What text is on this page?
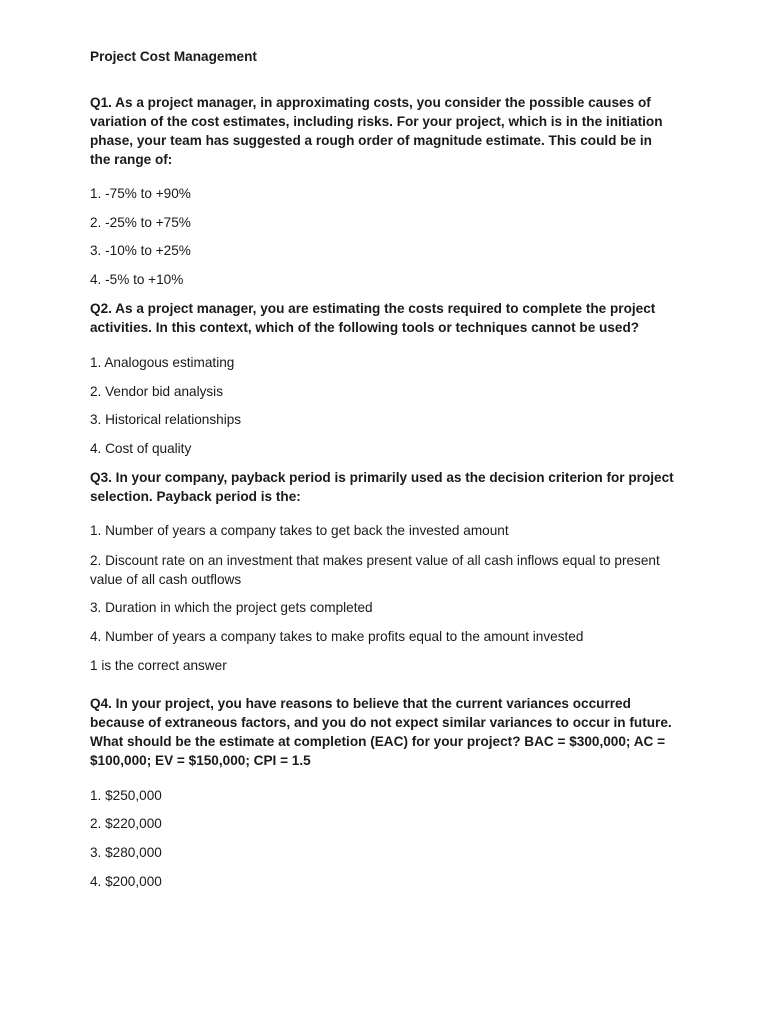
Project Cost Management
Q1. As a project manager, in approximating costs, you consider the possible causes of variation of the cost estimates, including risks. For your project, which is in the initiation phase, your team has suggested a rough order of magnitude estimate. This could be in the range of:
1. -75% to +90%
2. -25% to +75%
3. -10% to +25%
4. -5% to +10%
Q2. As a project manager, you are estimating the costs required to complete the project activities. In this context, which of the following tools or techniques cannot be used?
1. Analogous estimating
2. Vendor bid analysis
3. Historical relationships
4. Cost of quality
Q3. In your company, payback period is primarily used as the decision criterion for project selection. Payback period is the:
1. Number of years a company takes to get back the invested amount
2. Discount rate on an investment that makes present value of all cash inflows equal to present value of all cash outflows
3. Duration in which the project gets completed
4. Number of years a company takes to make profits equal to the amount invested
1 is the correct answer
Q4. In your project, you have reasons to believe that the current variances occurred because of extraneous factors, and you do not expect similar variances to occur in future. What should be the estimate at completion (EAC) for your project? BAC = $300,000; AC = $100,000; EV = $150,000; CPI = 1.5
1. $250,000
2. $220,000
3. $280,000
4. $200,000
